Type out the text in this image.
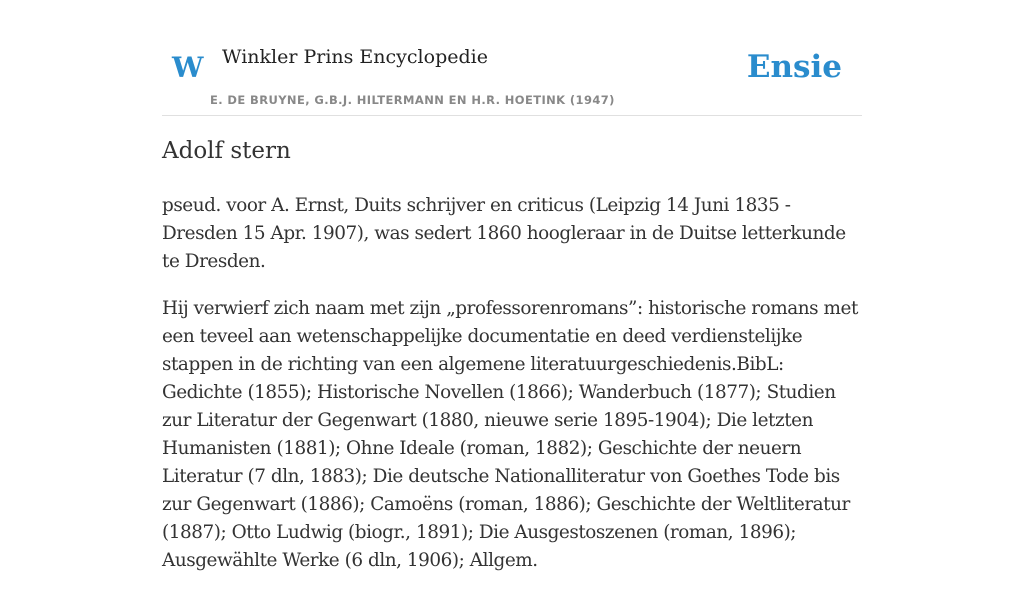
W Winkler Prins Encyclopedie
E. DE BRUYNE, G.B.J. HILTERMANN EN H.R. HOETINK (1947)
Ensie
Adolf stern

pseud. voor A. Ernst, Duits schrijver en criticus (Leipzig 14 Juni 1835 - Dresden 15 Apr. 1907), was sedert 1860 hoogleraar in de Duitse letterkunde te Dresden.

Hij verwierf zich naam met zijn „professorenromans”: historische romans met een teveel aan wetenschappelijke documentatie en deed verdienstelijke stappen in de richting van een algemene literatuurgeschiedenis.BibL: Gedichte (1855); Historische Novellen (1866); Wanderbuch (1877); Studien zur Literatur der Gegenwart (1880, nieuwe serie 1895-1904); Die letzten Humanisten (1881); Ohne Ideale (roman, 1882); Geschichte der neuern Literatur (7 dln, 1883); Die deutsche Nationalliteratur von Goethes Tode bis zur Gegenwart (1886); Camoëns (roman, 1886); Geschichte der Weltliteratur (1887); Otto Ludwig (biogr., 1891); Die Ausgestoszenen (roman, 1896); Ausgewählte Werke (6 dln, 1906); Allgem.
